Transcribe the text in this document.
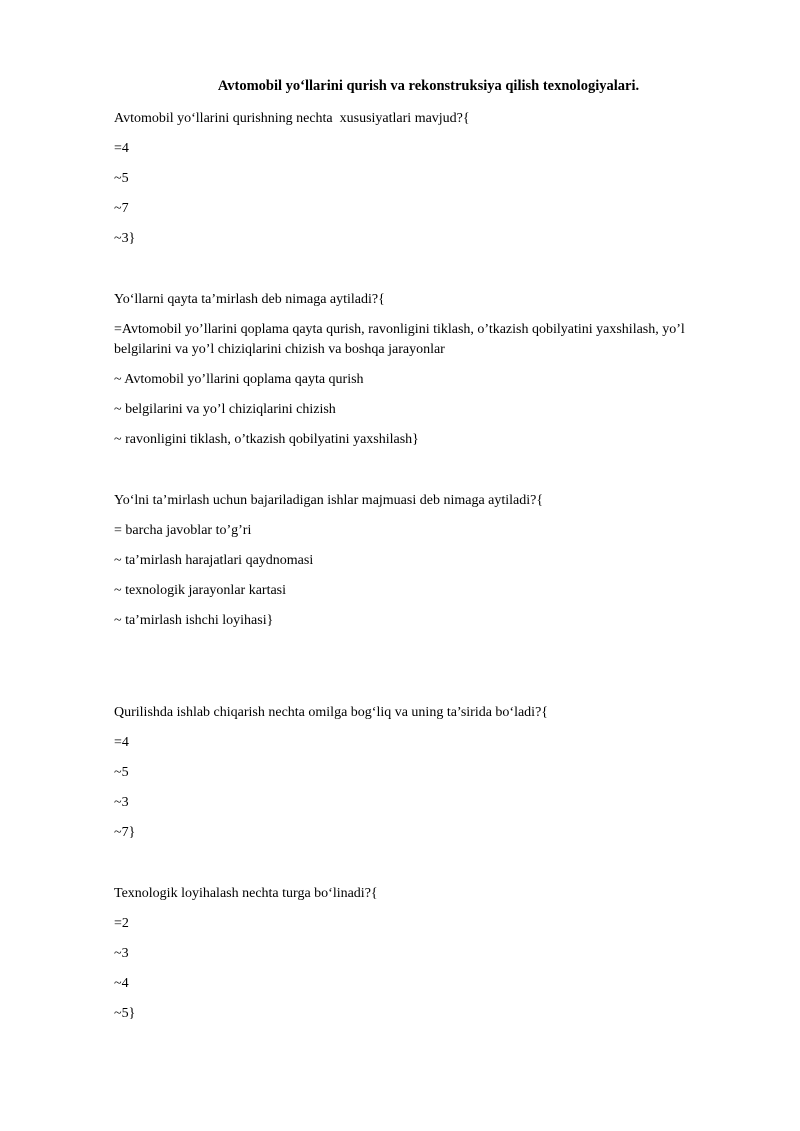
Avtomobil yo‘llarini qurish va rekonstruksiya qilish texnologiyalari.
Avtomobil yo‘llarini qurishning nechta  xususiyatlari mavjud?{
=4
~5
~7
~3}
Yo‘llarni qayta ta’mirlash deb nimaga aytiladi?{
=Avtomobil yo’llarini qoplama qayta qurish, ravonligini tiklash, o’tkazish qobilyatini yaxshilash, yo’l belgilarini va yo’l chiziqlarini chizish va boshqa jarayonlar
~ Avtomobil yo’llarini qoplama qayta qurish
~ belgilarini va yo’l chiziqlarini chizish
~ ravonligini tiklash, o’tkazish qobilyatini yaxshilash}
Yo‘lni ta’mirlash uchun bajariladigan ishlar majmuasi deb nimaga aytiladi?{
= barcha javoblar to’g’ri
~ ta’mirlash harajatlari qaydnomasi
~ texnologik jarayonlar kartasi
~ ta’mirlash ishchi loyihasi}
Qurilishda ishlab chiqarish nechta omilga bog‘liq va uning ta’sirida bo‘ladi?{
=4
~5
~3
~7}
Texnologik loyihalash nechta turga bo‘linadi?{
=2
~3
~4
~5}
